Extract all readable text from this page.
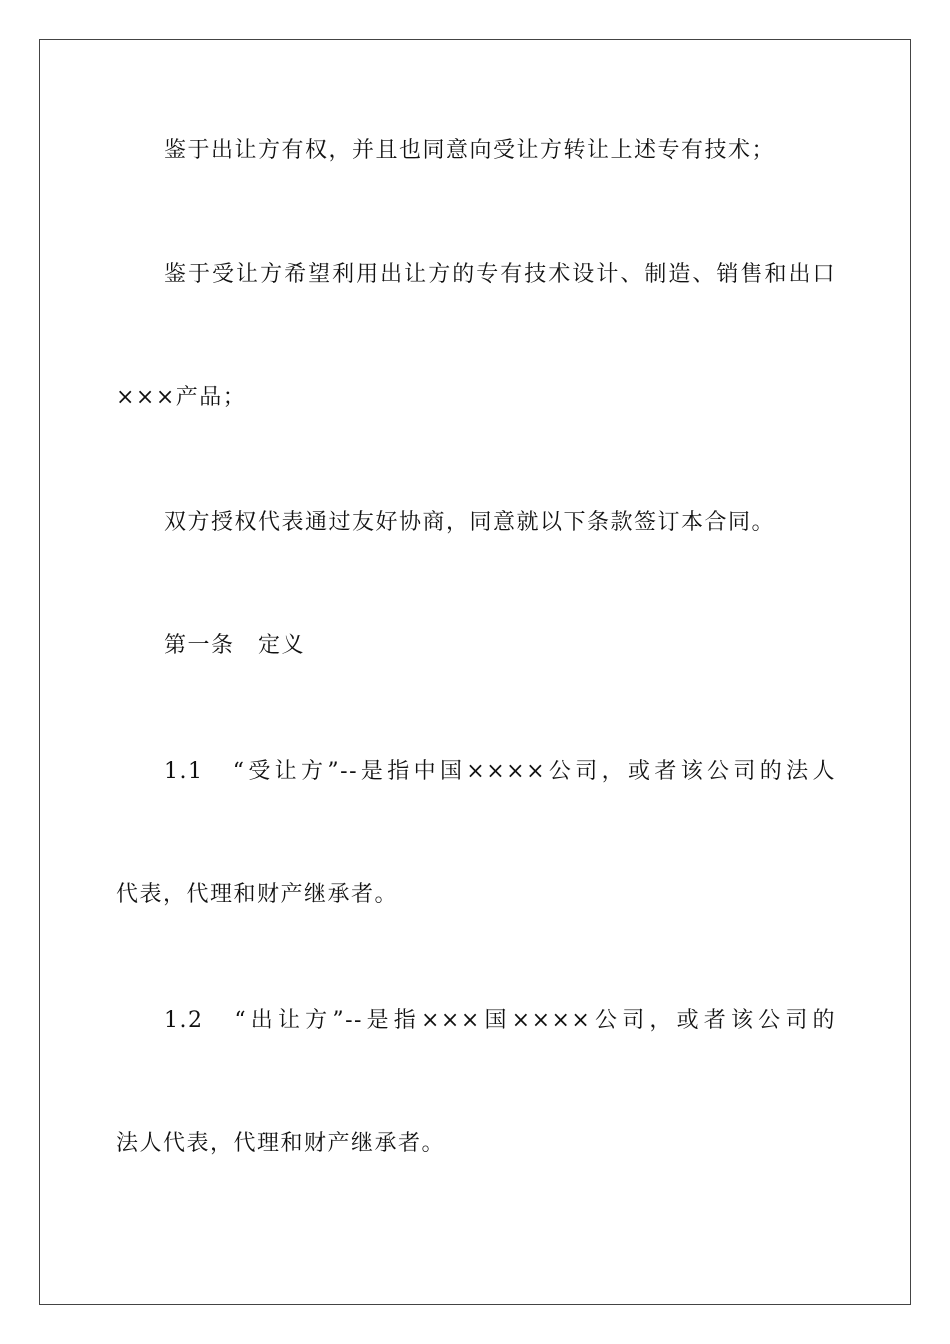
鉴于出让方有权，并且也同意向受让方转让上述专有技术；
鉴于受让方希望利用出让方的专有技术设计、制造、销售和出口
×××产品；
双方授权代表通过友好协商，同意就以下条款签订本合同。
第一条　定义
1.1　“受让方”--是指中国××××公司，或者该公司的法人
代表，代理和财产继承者。
1.2　“出让方”--是指×××国××××公司，或者该公司的
法人代表，代理和财产继承者。
